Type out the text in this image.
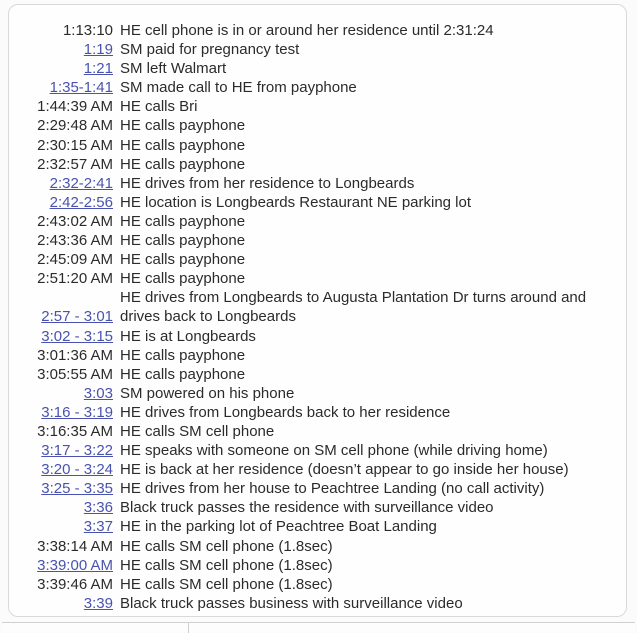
1:13:10 HE cell phone is in or around her residence until 2:31:24
1:19 SM paid for pregnancy test
1:21 SM left Walmart
1:35-1:41 SM made call to HE from payphone
1:44:39 AM HE calls Bri
2:29:48 AM HE calls payphone
2:30:15 AM HE calls payphone
2:32:57 AM HE calls payphone
2:32-2:41 HE drives from her residence to Longbeards
2:42-2:56 HE location is Longbeards Restaurant NE parking lot
2:43:02 AM HE calls payphone
2:43:36 AM HE calls payphone
2:45:09 AM HE calls payphone
2:51:20 AM HE calls payphone
2:57 - 3:01
HE drives from Longbeards to Augusta Plantation Dr turns around and drives back to Longbeards
3:02 - 3:15 HE is at Longbeards
3:01:36 AM HE calls payphone
3:05:55 AM HE calls payphone
3:03 SM powered on his phone
3:16 - 3:19 HE drives from Longbeards back to her residence
3:16:35 AM HE calls SM cell phone
3:17 - 3:22 HE speaks with someone on SM cell phone (while driving home)
3:20 - 3:24 HE is back at her residence (doesn’t appear to go inside her house)
3:25 - 3:35 HE drives from her house to Peachtree Landing (no call activity)
3:36 Black truck passes the residence with surveillance video
3:37 HE in the parking lot of Peachtree Boat Landing
3:38:14 AM HE calls SM cell phone (1.8sec)
3:39:00 AM HE calls SM cell phone (1.8sec)
3:39:46 AM HE calls SM cell phone (1.8sec)
3:39 Black truck passes business with surveillance video
